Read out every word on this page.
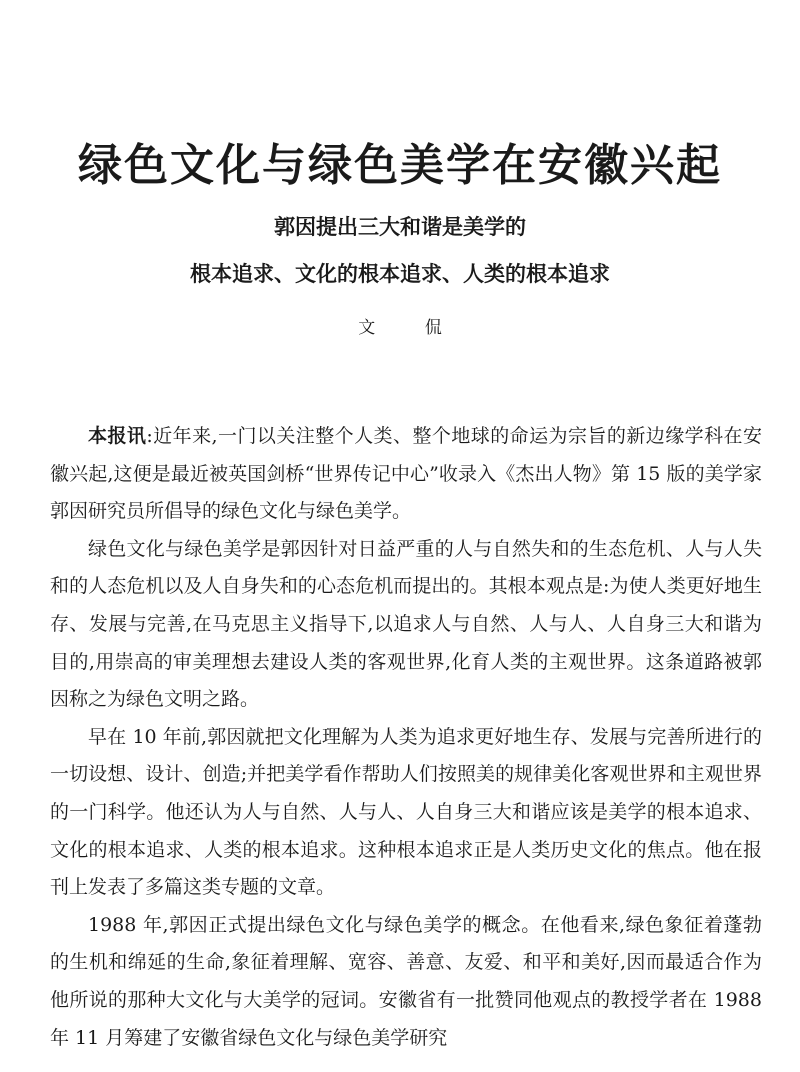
绿色文化与绿色美学在安徽兴起
郭因提出三大和谐是美学的
根本追求、文化的根本追求、人类的根本追求
文 侃

本报讯:近年来,一门以关注整个人类、整个地球的命运为宗旨的新边缘学科在安徽兴起,这便是最近被英国剑桥“世界传记中心”收录入《杰出人物》第 15 版的美学家郭因研究员所倡导的绿色文化与绿色美学。

绿色文化与绿色美学是郭因针对日益严重的人与自然失和的生态危机、人与人失和的人态危机以及人自身失和的心态危机而提出的。其根本观点是:为使人类更好地生存、发展与完善,在马克思主义指导下,以追求人与自然、人与人、人自身三大和谐为目的,用崇高的审美理想去建设人类的客观世界,化育人类的主观世界。这条道路被郭因称之为绿色文明之路。

早在 10 年前,郭因就把文化理解为人类为追求更好地生存、发展与完善所进行的一切设想、设计、创造;并把美学看作帮助人们按照美的规律美化客观世界和主观世界的一门科学。他还认为人与自然、人与人、人自身三大和谐应该是美学的根本追求、文化的根本追求、人类的根本追求。这种根本追求正是人类历史文化的焦点。他在报刊上发表了多篇这类专题的文章。

1988 年,郭因正式提出绿色文化与绿色美学的概念。在他看来,绿色象征着蓬勃的生机和绵延的生命,象征着理解、宽容、善意、友爱、和平和美好,因而最适合作为他所说的那种大文化与大美学的冠词。安徽省有一批赞同他观点的教授学者在 1988 年 11 月筹建了安徽省绿色文化与绿色美学研究
